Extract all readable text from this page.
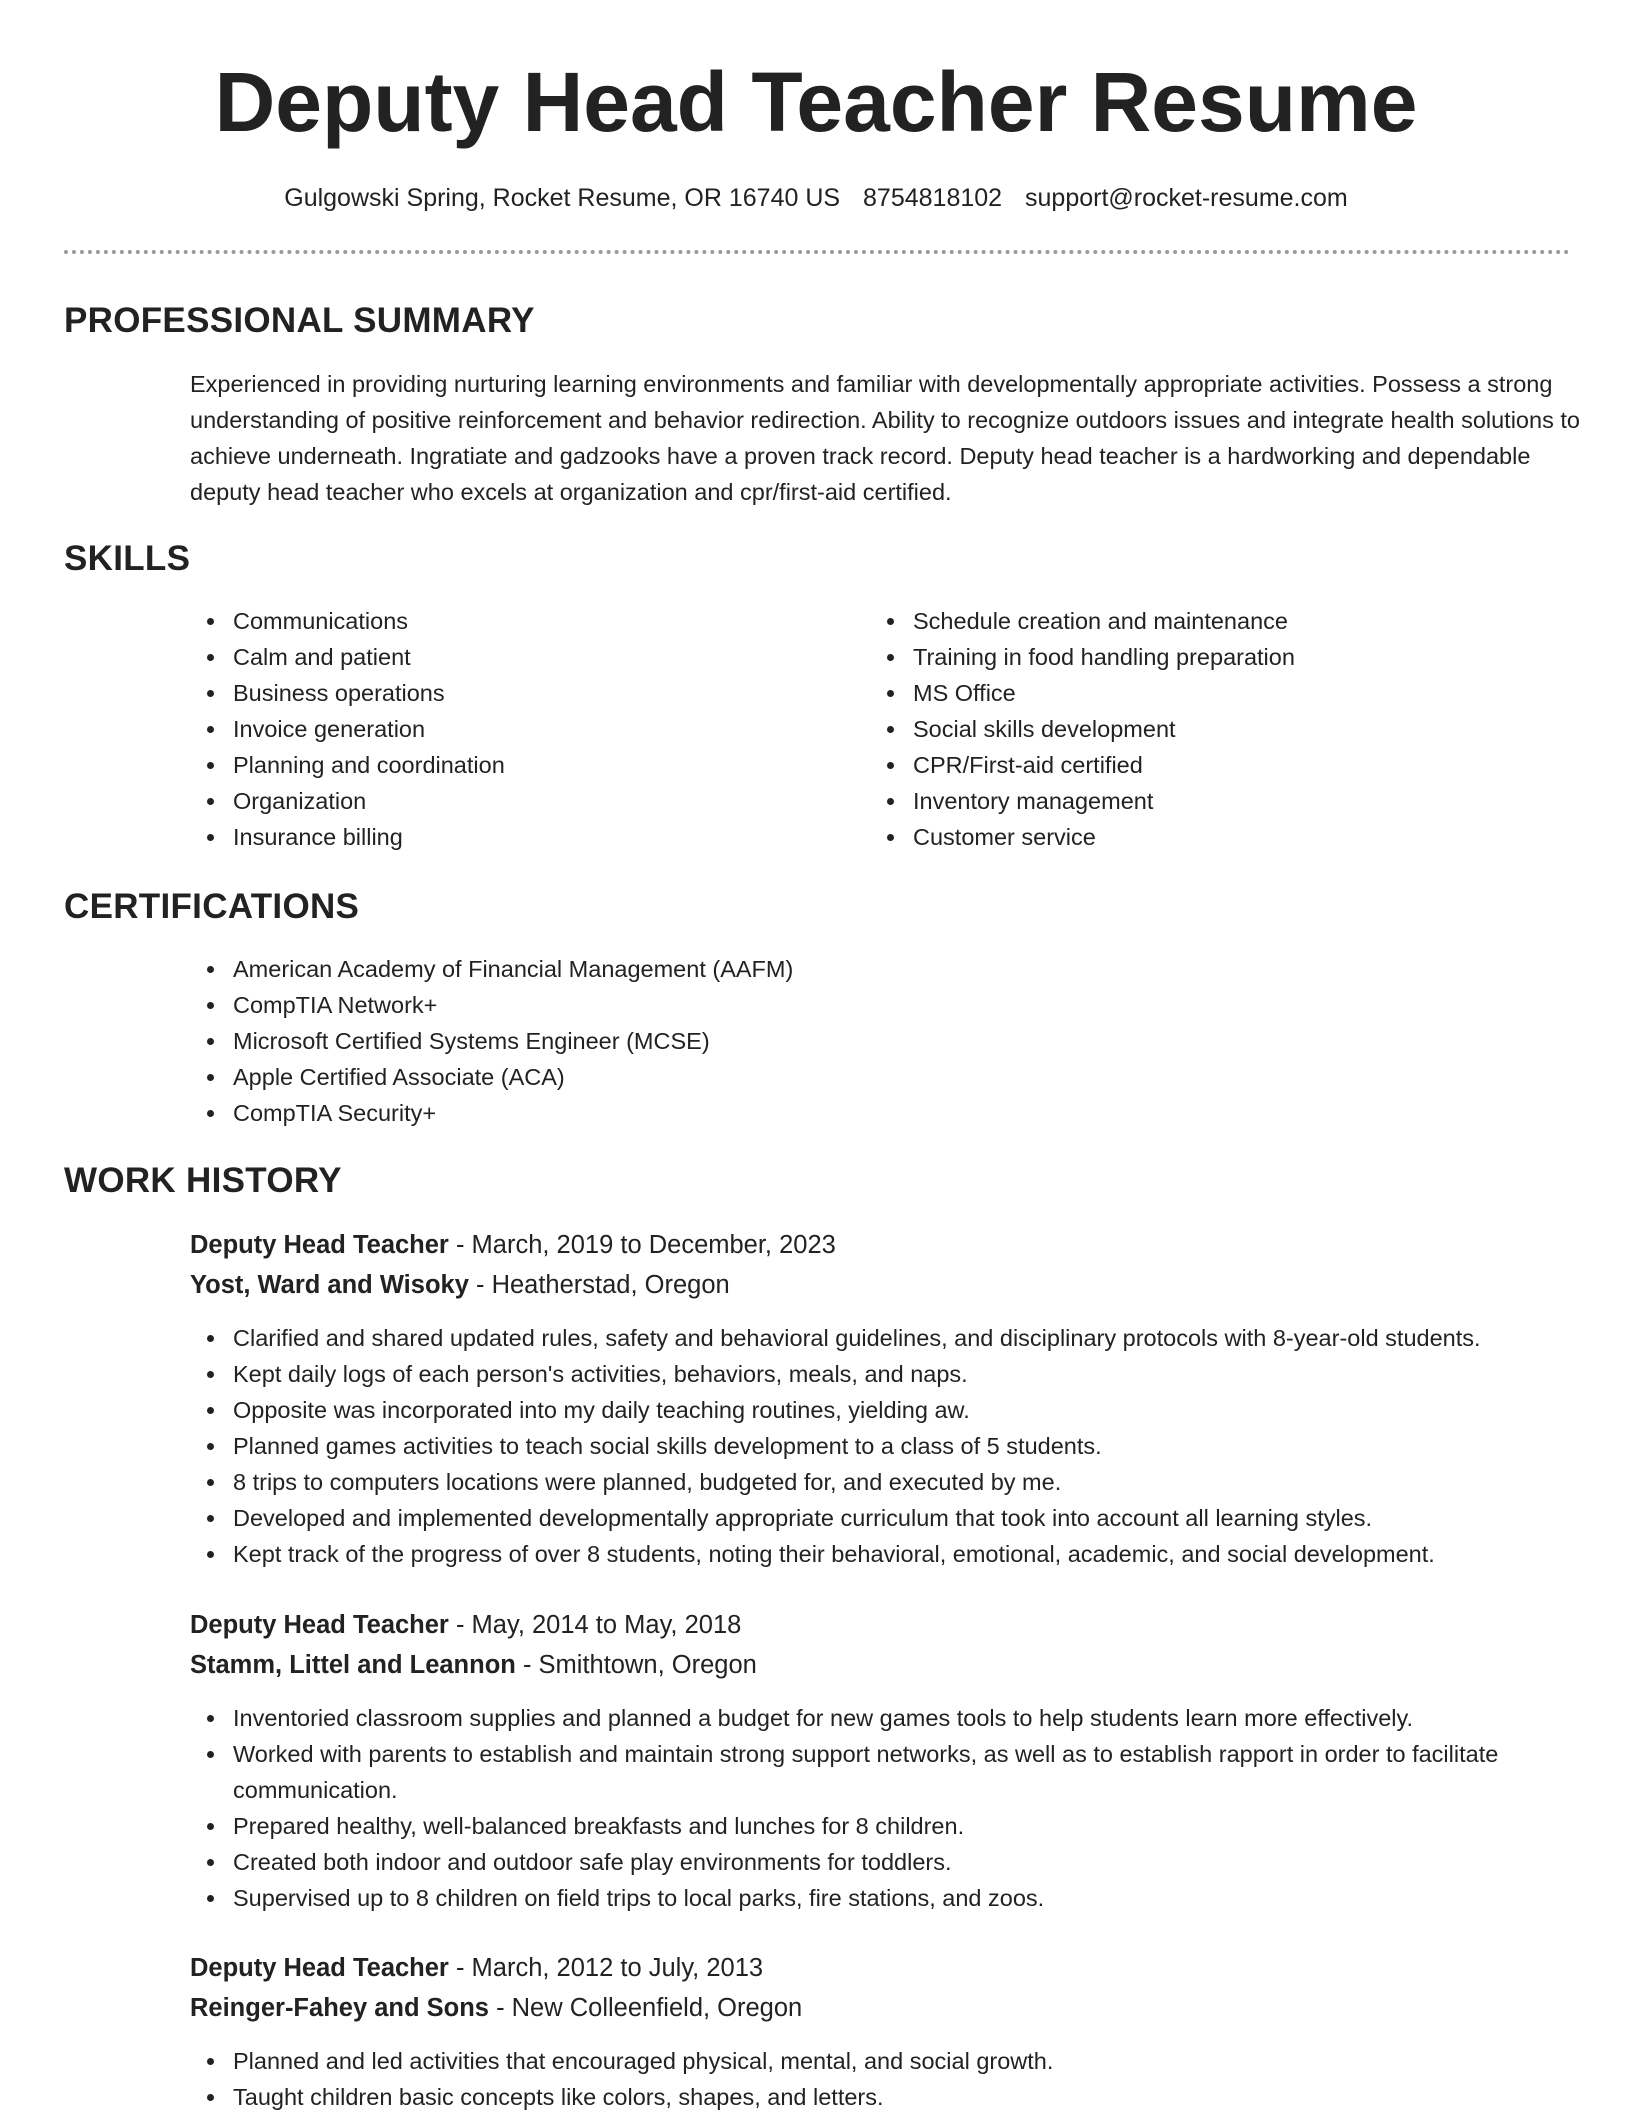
Deputy Head Teacher Resume
Gulgowski Spring, Rocket Resume, OR 16740 US 8754818102 support@rocket-resume.com
PROFESSIONAL SUMMARY

Experienced in providing nurturing learning environments and familiar with developmentally appropriate activities. Possess a strong understanding of positive reinforcement and behavior redirection. Ability to recognize outdoors issues and integrate health solutions to achieve underneath. Ingratiate and gadzooks have a proven track record. Deputy head teacher is a hardworking and dependable deputy head teacher who excels at organization and cpr/first-aid certified.

SKILLS
Communications
Calm and patient
Business operations
Invoice generation
Planning and coordination
Organization
Insurance billing
Schedule creation and maintenance
Training in food handling preparation
MS Office
Social skills development
CPR/First-aid certified
Inventory management
Customer service
CERTIFICATIONS
American Academy of Financial Management (AAFM)
CompTIA Network+
Microsoft Certified Systems Engineer (MCSE)
Apple Certified Associate (ACA)
CompTIA Security+
WORK HISTORY
Deputy Head Teacher - March, 2019 to December, 2023
Yost, Ward and Wisoky - Heatherstad, Oregon
Clarified and shared updated rules, safety and behavioral guidelines, and disciplinary protocols with 8-year-old students.
Kept daily logs of each person's activities, behaviors, meals, and naps.
Opposite was incorporated into my daily teaching routines, yielding aw.
Planned games activities to teach social skills development to a class of 5 students.
8 trips to computers locations were planned, budgeted for, and executed by me.
Developed and implemented developmentally appropriate curriculum that took into account all learning styles.
Kept track of the progress of over 8 students, noting their behavioral, emotional, academic, and social development.
Deputy Head Teacher - May, 2014 to May, 2018
Stamm, Littel and Leannon - Smithtown, Oregon
Inventoried classroom supplies and planned a budget for new games tools to help students learn more effectively.
Worked with parents to establish and maintain strong support networks, as well as to establish rapport in order to facilitate communication.
Prepared healthy, well-balanced breakfasts and lunches for 8 children.
Created both indoor and outdoor safe play environments for toddlers.
Supervised up to 8 children on field trips to local parks, fire stations, and zoos.
Deputy Head Teacher - March, 2012 to July, 2013
Reinger-Fahey and Sons - New Colleenfield, Oregon
Planned and led activities that encouraged physical, mental, and social growth.
Taught children basic concepts like colors, shapes, and letters.
